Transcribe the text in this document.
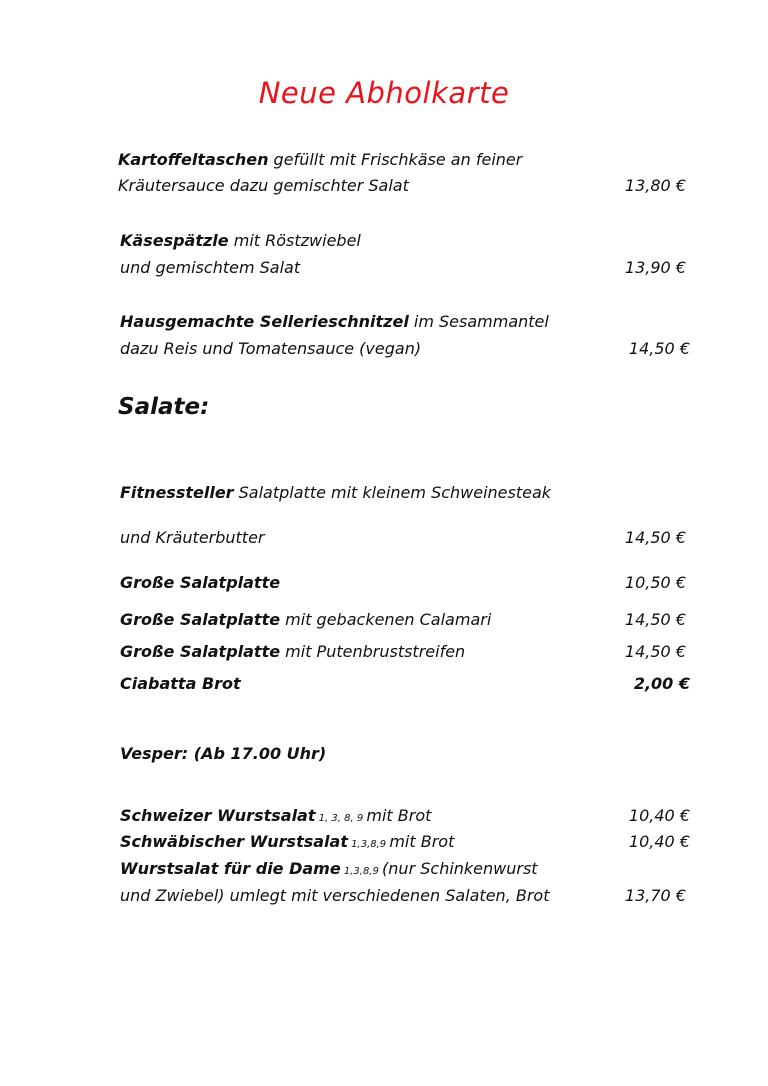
Neue Abholkarte
Kartoffeltaschen gefüllt mit Frischkäse an feiner
Kräutersauce dazu gemischter Salat	13,80 €
Käsespätzle mit Röstzwiebel
und gemischtem Salat	13,90 €
Hausgemachte Sellerieschnitzel im Sesammantel
dazu Reis und Tomatensauce (vegan)	14,50 €
Salate:
Fitnessteller Salatplatte mit kleinem Schweinesteak
und Kräuterbutter	14,50 €
Große Salatplatte	10,50 €
Große Salatplatte mit gebackenen Calamari	14,50 €
Große Salatplatte mit Putenbruststreifen	14,50 €
Ciabatta Brot	2,00 €
Vesper: (Ab 17.00 Uhr)
Schweizer Wurstsalat 1, 3, 8, 9 mit Brot	10,40 €
Schwäbischer Wurstsalat 1,3,8,9 mit Brot	10,40 €
Wurstsalat für die Dame 1,3,8,9 (nur Schinkenwurst
und Zwiebel) umlegt mit verschiedenen Salaten, Brot	13,70 €
